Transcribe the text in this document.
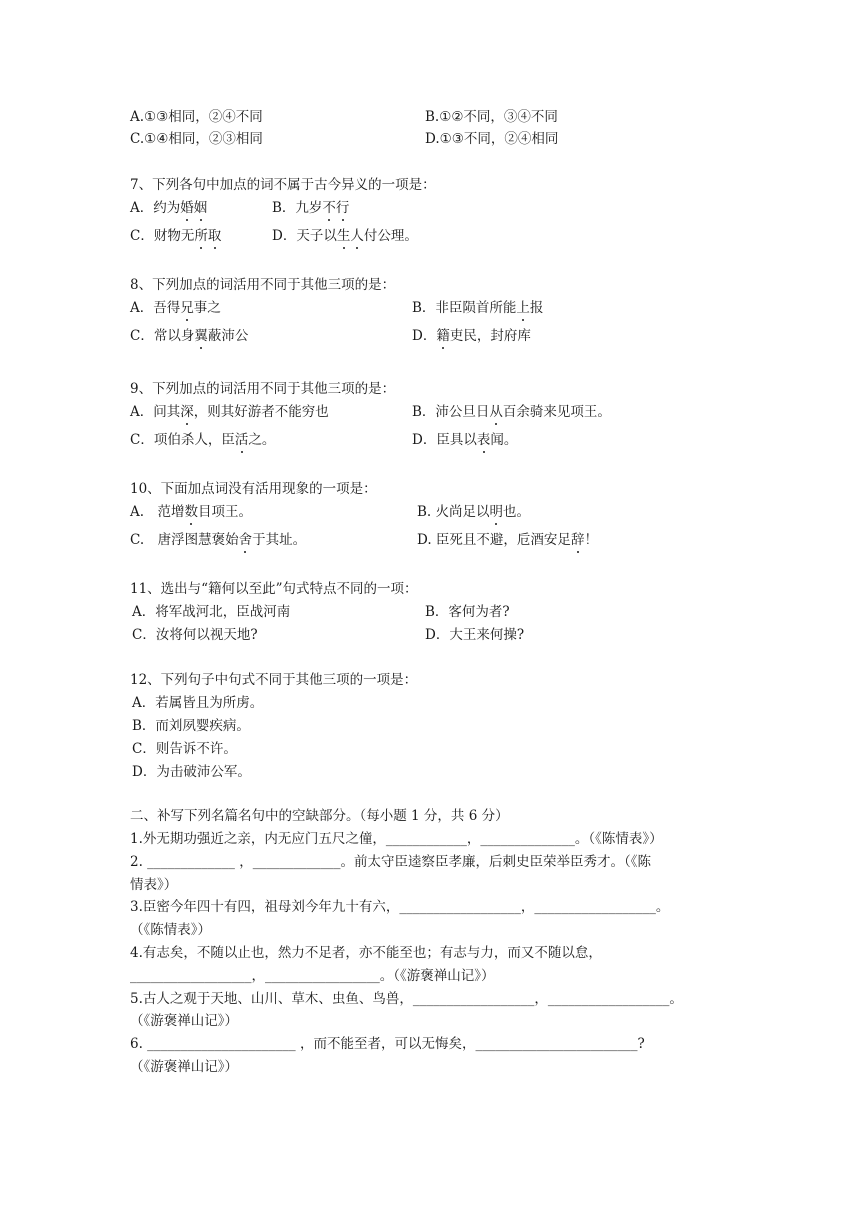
A.①③相同，②④不同	B.①②不同，③④不同
C.①④相同，②③相同	D.①③不同，②④相同
7、下列各句中加点的词不属于古今异义的一项是：
A．约为婚姻	B．九岁不行
C．财物无所取	D．天子以生人付公理。
8、下列加点的词活用不同于其他三项的是：
A．吾得兄事之	B．非臣陨首所能上报
C．常以身翼蔽沛公	D．籍吏民，封府库
9、下列加点的词活用不同于其他三项的是：
A．问其深，则其好游者不能穷也	B．沛公旦日从百余骑来见项王。
C．项伯杀人，臣活之。	D．臣具以表闻。
10、下面加点词没有活用现象的一项是：
A.　范增数目项王。	B. 火尚足以明也。
C.　唐浮图慧褒始舍于其址。	D. 臣死且不避，卮酒安足辞！
11、选出与“籍何以至此”句式特点不同的一项：
A．将军战河北，臣战河南	B．客何为者?
C．汝将何以视天地?	D．大王来何操?
12、下列句子中句式不同于其他三项的一项是：
A．若属皆且为所虏。
B．而刘夙婴疾病。
C．则告诉不许。
D．为击破沛公军。
二、补写下列名篇名句中的空缺部分。（每小题 1 分，共 6 分）
1.外无期功强近之亲，内无应门五尺之僮，____________，______________。（《陈情表》）
2. _____________ ，_____________。前太守臣逵察臣孝廉，后刺史臣荣举臣秀才。（《陈
情表》）
3.臣密今年四十有四，祖母刘今年九十有六，__________________，__________________。
（《陈情表》）
4.有志矣，不随以止也，然力不足者，亦不能至也；有志与力，而又不随以怠，
__________________，_________________。（《游褒禅山记》）
5.古人之观于天地、山川、草木、虫鱼、鸟兽，__________________，__________________。
（《游褒禅山记》）
6. ______________________ ，而不能至者，可以无悔矣，________________________?
（《游褒禅山记》）
